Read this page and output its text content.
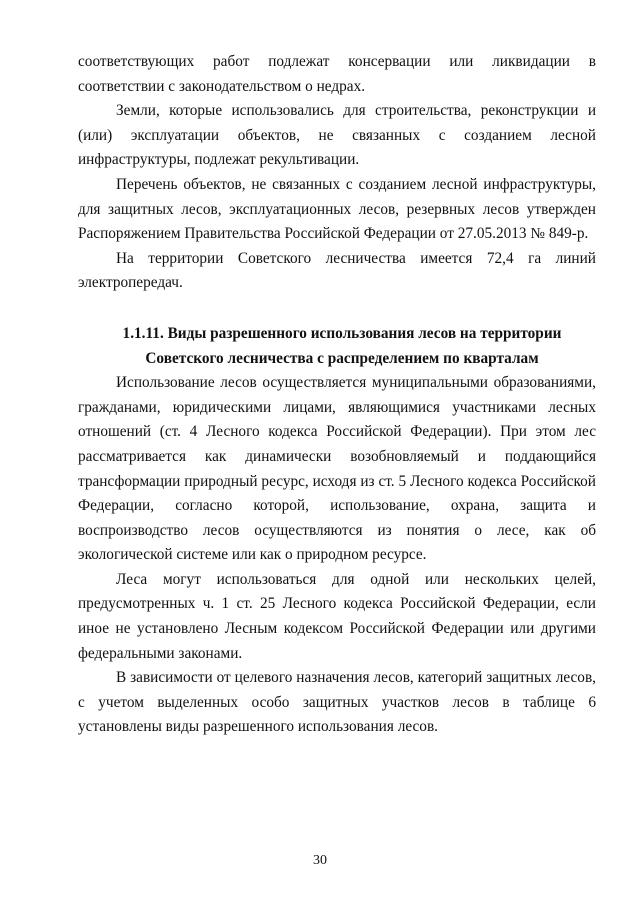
соответствующих работ подлежат консервации или ликвидации в соответствии с законодательством о недрах.

Земли, которые использовались для строительства, реконструкции и (или) эксплуатации объектов, не связанных с созданием лесной инфраструктуры, подлежат рекультивации.

Перечень объектов, не связанных с созданием лесной инфраструктуры, для защитных лесов, эксплуатационных лесов, резервных лесов утвержден Распоряжением Правительства Российской Федерации от 27.05.2013 № 849-р.

На территории Советского лесничества имеется 72,4 га линий электропередач.

1.1.11. Виды разрешенного использования лесов на территории
Советского лесничества с распределением по кварталам

Использование лесов осуществляется муниципальными образованиями, гражданами, юридическими лицами, являющимися участниками лесных отношений (ст. 4 Лесного кодекса Российской Федерации). При этом лес рассматривается как динамически возобновляемый и поддающийся трансформации природный ресурс, исходя из ст. 5 Лесного кодекса Российской Федерации, согласно которой, использование, охрана, защита и воспроизводство лесов осуществляются из понятия о лесе, как об экологической системе или как о природном ресурсе.

Леса могут использоваться для одной или нескольких целей, предусмотренных ч. 1 ст. 25 Лесного кодекса Российской Федерации, если иное не установлено Лесным кодексом Российской Федерации или другими федеральными законами.

В зависимости от целевого назначения лесов, категорий защитных лесов, с учетом выделенных особо защитных участков лесов в таблице 6 установлены виды разрешенного использования лесов.

30
